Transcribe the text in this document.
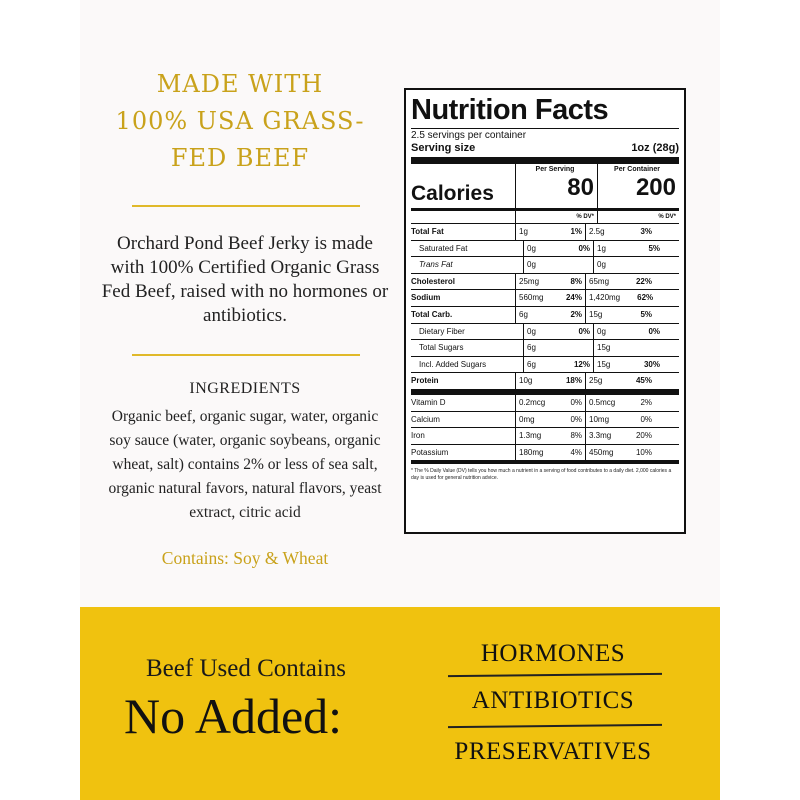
MADE WITH
100% USA GRASS-
FED BEEF
Orchard Pond Beef Jerky is made with 100% Certified Organic Grass Fed Beef, raised with no hormones or antibiotics.
INGREDIENTS
Organic beef, organic sugar, water, organic soy sauce (water, organic soybeans, organic wheat, salt) contains 2% or less of sea salt, organic natural favors, natural flavors, yeast extract, citric acid
Contains: Soy & Wheat
Nutrition Facts
2.5 servings per container
Serving size	1oz (28g)
Calories
Per Serving
80
Per Container
200
% DV*	% DV*
Total Fat	1g	1% 2.5g	3%
Saturated Fat	0g	0% 1g	5%
Trans Fat	0g	0g
Cholesterol	25mg	8% 65mg	22%
Sodium	560mg	24% 1,420mg	62%
Total Carb.	6g	2% 15g	5%
Dietary Fiber	0g	0% 0g	0%
Total Sugars	6g	15g
Incl. Added Sugars	6g	12% 15g	30%
Protein	10g	18% 25g	45%
Vitamin D	0.2mcg	0% 0.5mcg	2%
Calcium	0mg	0% 10mg	0%
Iron	1.3mg	8% 3.3mg	20%
Potassium	180mg	4% 450mg	10%
* The % Daily Value (DV) tells you how much a nutrient in a serving of food contributes to a daily diet. 2,000 calories a day is used for general nutrition advice.
Beef Used Contains
No Added:
HORMONES
ANTIBIOTICS
PRESERVATIVES
